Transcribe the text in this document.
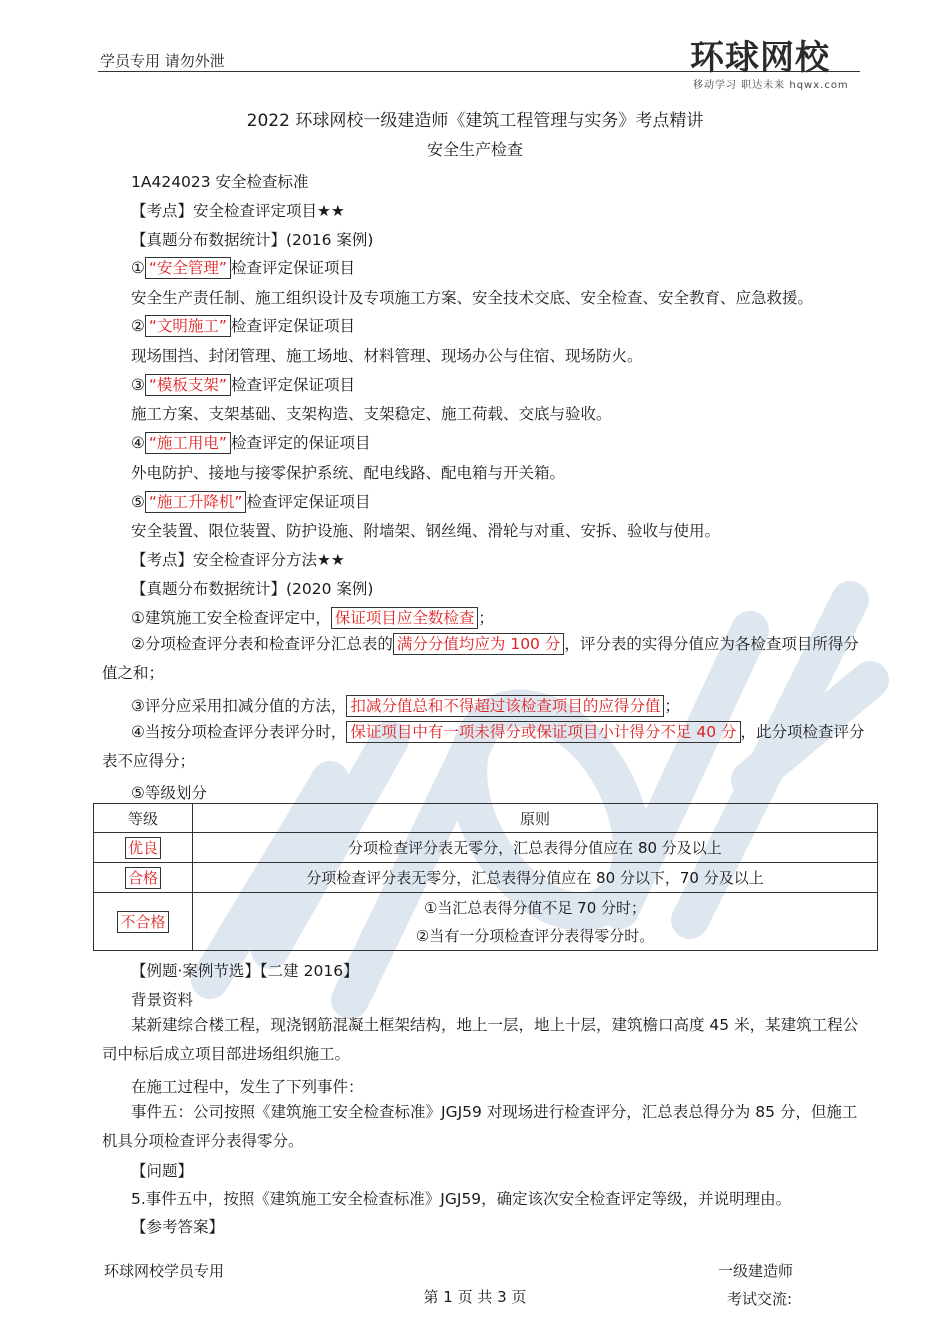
学员专用 请勿外泄	环球网校
移动学习 职达未来 hqwx.com
2022 环球网校一级建造师《建筑工程管理与实务》考点精讲
安全生产检查
1A424023 安全检查标准
【考点】安全检查评定项目★★
【真题分布数据统计】(2016 案例)
① “安全管理” 检查评定保证项目
安全生产责任制、施工组织设计及专项施工方案、安全技术交底、安全检查、安全教育、应急救援。
② “文明施工” 检查评定保证项目
现场围挡、封闭管理、施工场地、材料管理、现场办公与住宿、现场防火。
③ “模板支架” 检查评定保证项目
施工方案、支架基础、支架构造、支架稳定、施工荷载、交底与验收。
④ “施工用电” 检查评定的保证项目
外电防护、接地与接零保护系统、配电线路、配电箱与开关箱。
⑤ “施工升降机” 检查评定保证项目
安全装置、限位装置、防护设施、附墙架、钢丝绳、滑轮与对重、安拆、验收与使用。
【考点】安全检查评分方法★★
【真题分布数据统计】(2020 案例)
①建筑施工安全检查评定中， 保证项目应全数检查 ；
②分项检查评分表和检查评分汇总表的 满分分值均应为 100 分 ，评分表的实得分值应为各检查项目所得分值之和；
③评分应采用扣减分值的方法， 扣减分值总和不得超过该检查项目的应得分值 ；
④当按分项检查评分表评分时， 保证项目中有一项未得分或保证项目小计得分不足 40 分 ，此分项检查评分表不应得分；
⑤等级划分
等级	原则
优良	分项检查评分表无零分，汇总表得分值应在 80 分及以上
合格	分项检查评分表无零分，汇总表得分值应在 80 分以下，70 分及以上
不合格	①当汇总表得分值不足 70 分时；
②当有一分项检查评分表得零分时。
【例题·案例节选】【二建 2016】
背景资料
某新建综合楼工程，现浇钢筋混凝土框架结构，地上一层，地上十层，建筑檐口高度 45 米，某建筑工程公司中标后成立项目部进场组织施工。
在施工过程中，发生了下列事件：
事件五：公司按照《建筑施工安全检查标准》JGJ59 对现场进行检查评分，汇总表总得分为 85 分，但施工机具分项检查评分表得零分。
【问题】
5.事件五中，按照《建筑施工安全检查标准》JGJ59，确定该次安全检查评定等级，并说明理由。
【参考答案】
环球网校学员专用
第 1 页 共 3 页
一级建造师
考试交流:
